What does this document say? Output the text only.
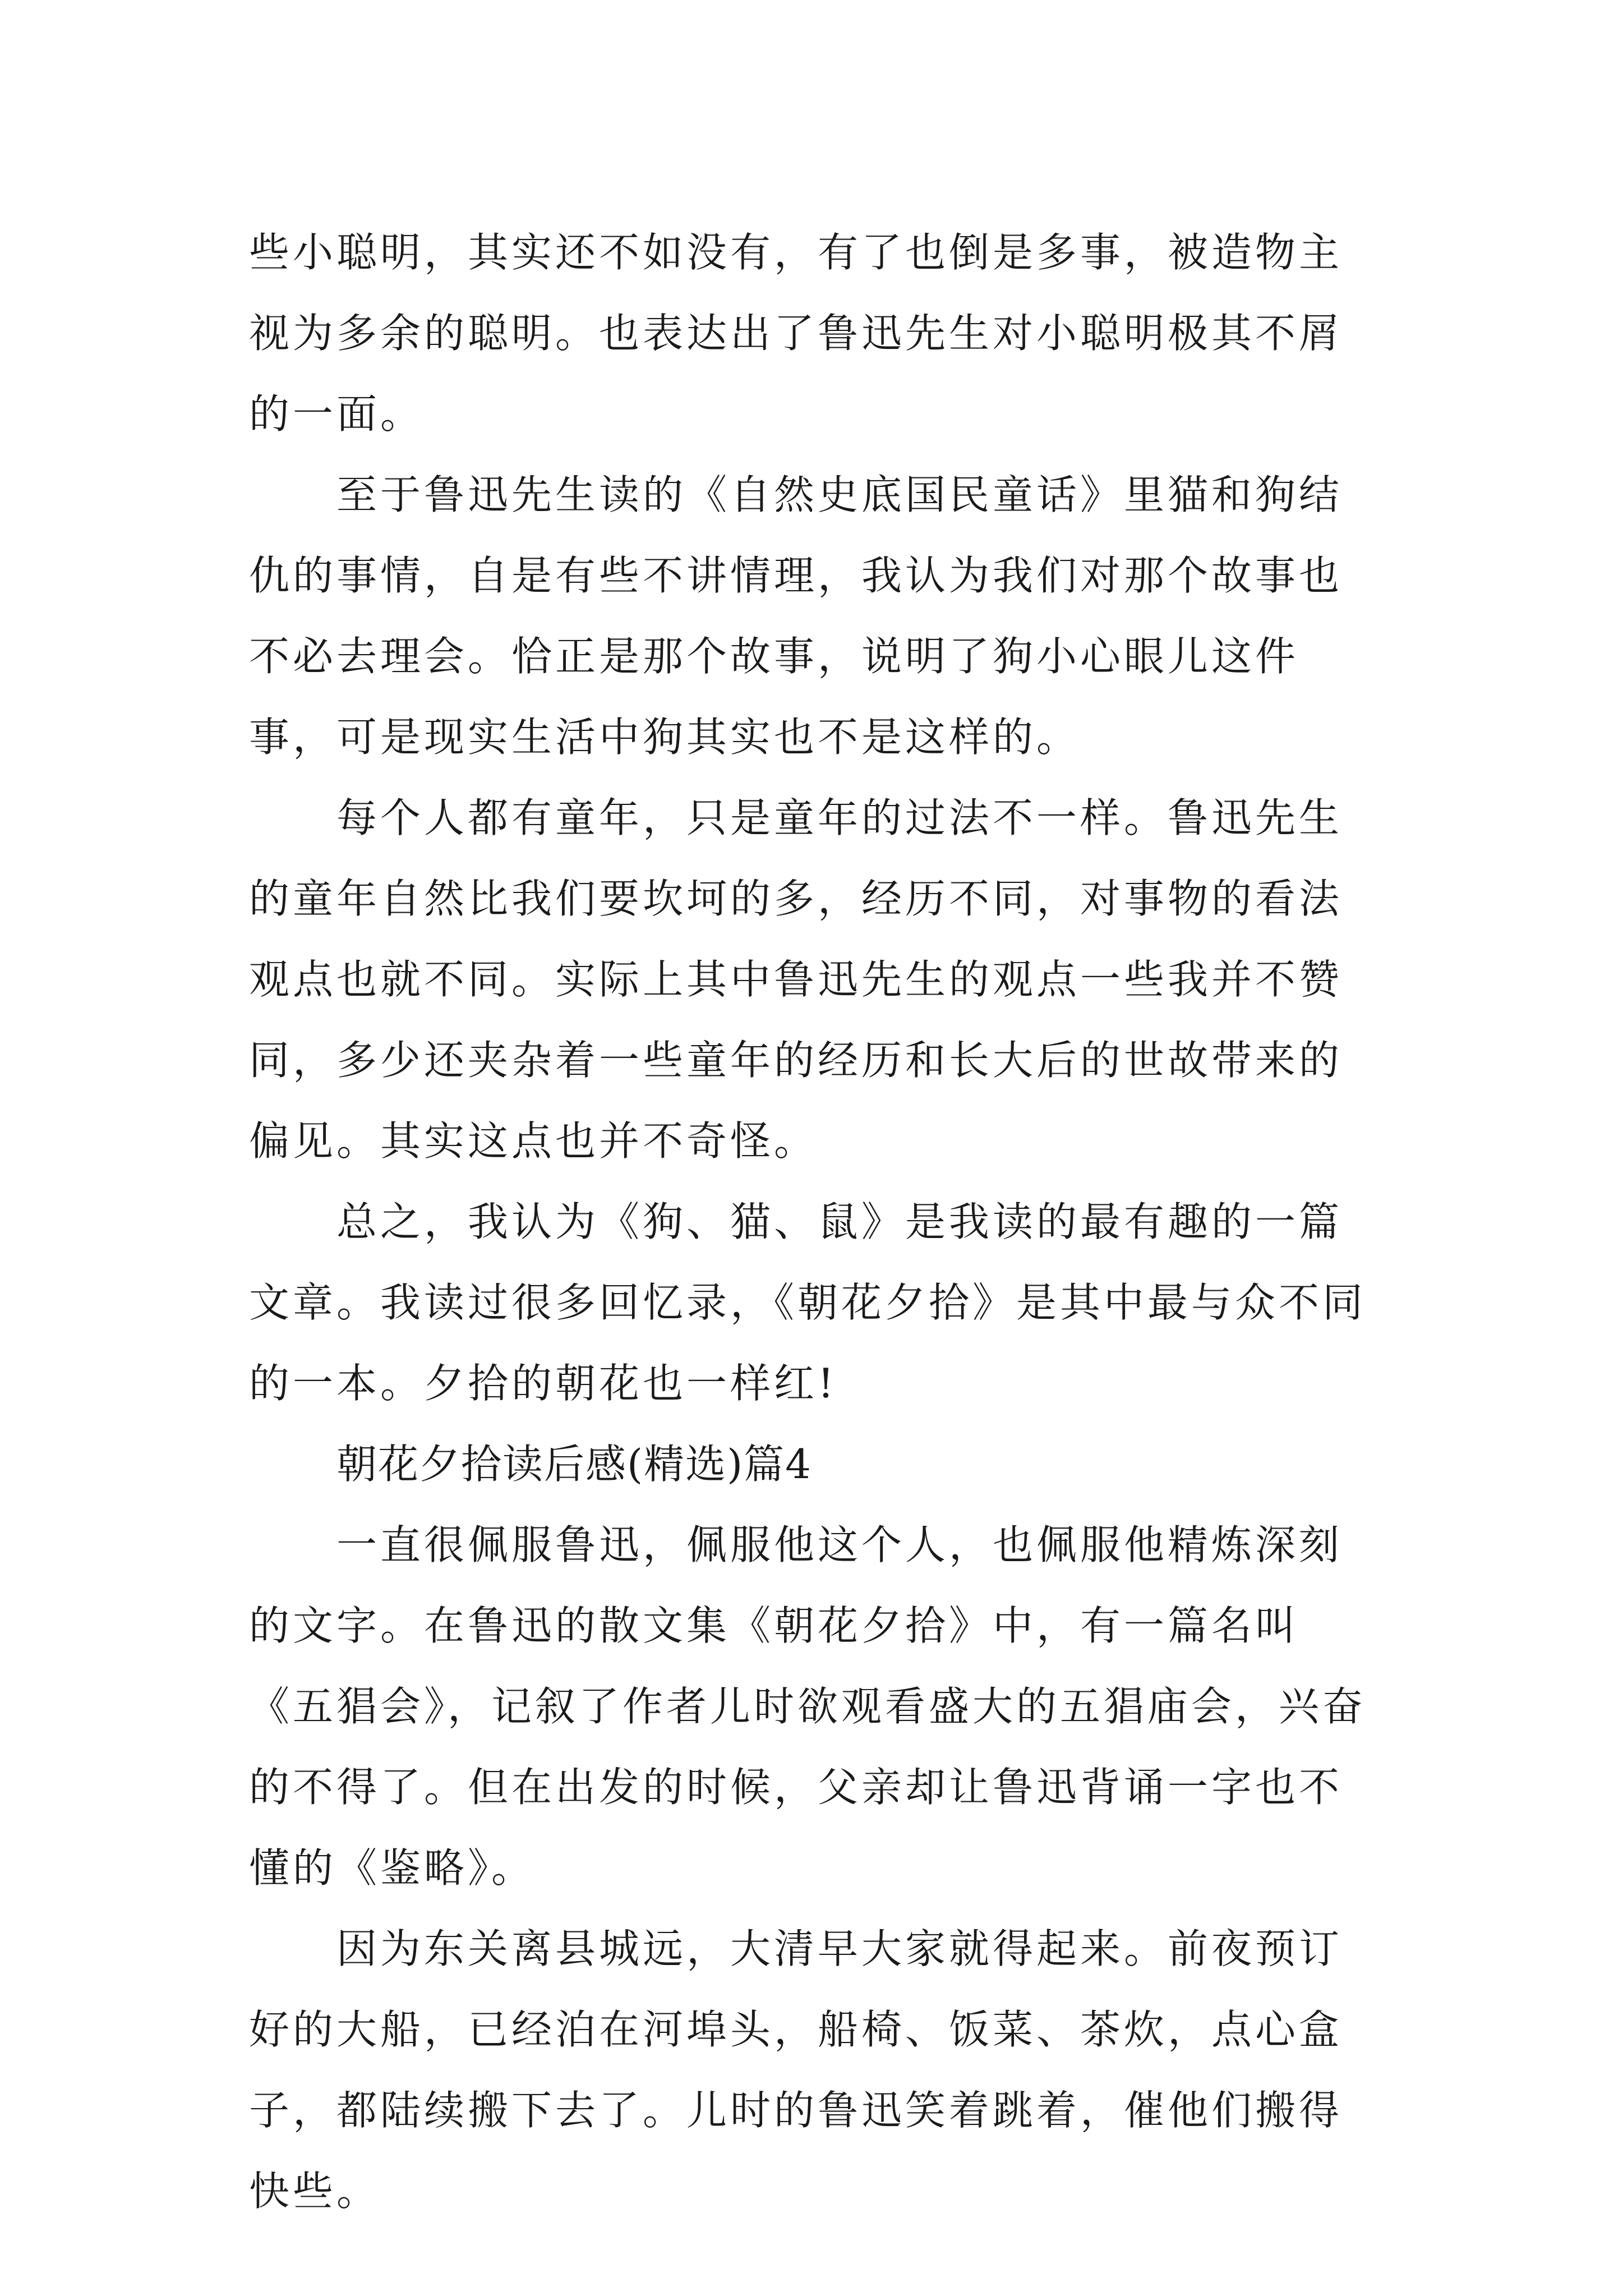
些小聪明，其实还不如没有，有了也倒是多事，被造物主视为多余的聪明。也表达出了鲁迅先生对小聪明极其不屑的一面。

至于鲁迅先生读的《自然史底国民童话》里猫和狗结仇的事情，自是有些不讲情理，我认为我们对那个故事也不必去理会。恰正是那个故事，说明了狗小心眼儿这件事，可是现实生活中狗其实也不是这样的。

每个人都有童年，只是童年的过法不一样。鲁迅先生的童年自然比我们要坎坷的多，经历不同，对事物的看法观点也就不同。实际上其中鲁迅先生的观点一些我并不赞同，多少还夹杂着一些童年的经历和长大后的世故带来的偏见。其实这点也并不奇怪。

总之，我认为《狗、猫、鼠》是我读的最有趣的一篇文章。我读过很多回忆录，《朝花夕拾》是其中最与众不同的一本。夕拾的朝花也一样红!

朝花夕拾读后感(精选)篇4

一直很佩服鲁迅，佩服他这个人，也佩服他精炼深刻的文字。在鲁迅的散文集《朝花夕拾》中，有一篇名叫《五猖会》，记叙了作者儿时欲观看盛大的五猖庙会，兴奋的不得了。但在出发的时候，父亲却让鲁迅背诵一字也不懂的《鉴略》。

因为东关离县城远，大清早大家就得起来。前夜预订好的大船，已经泊在河埠头，船椅、饭菜、茶炊，点心盒子，都陆续搬下去了。儿时的鲁迅笑着跳着，催他们搬得快些。
